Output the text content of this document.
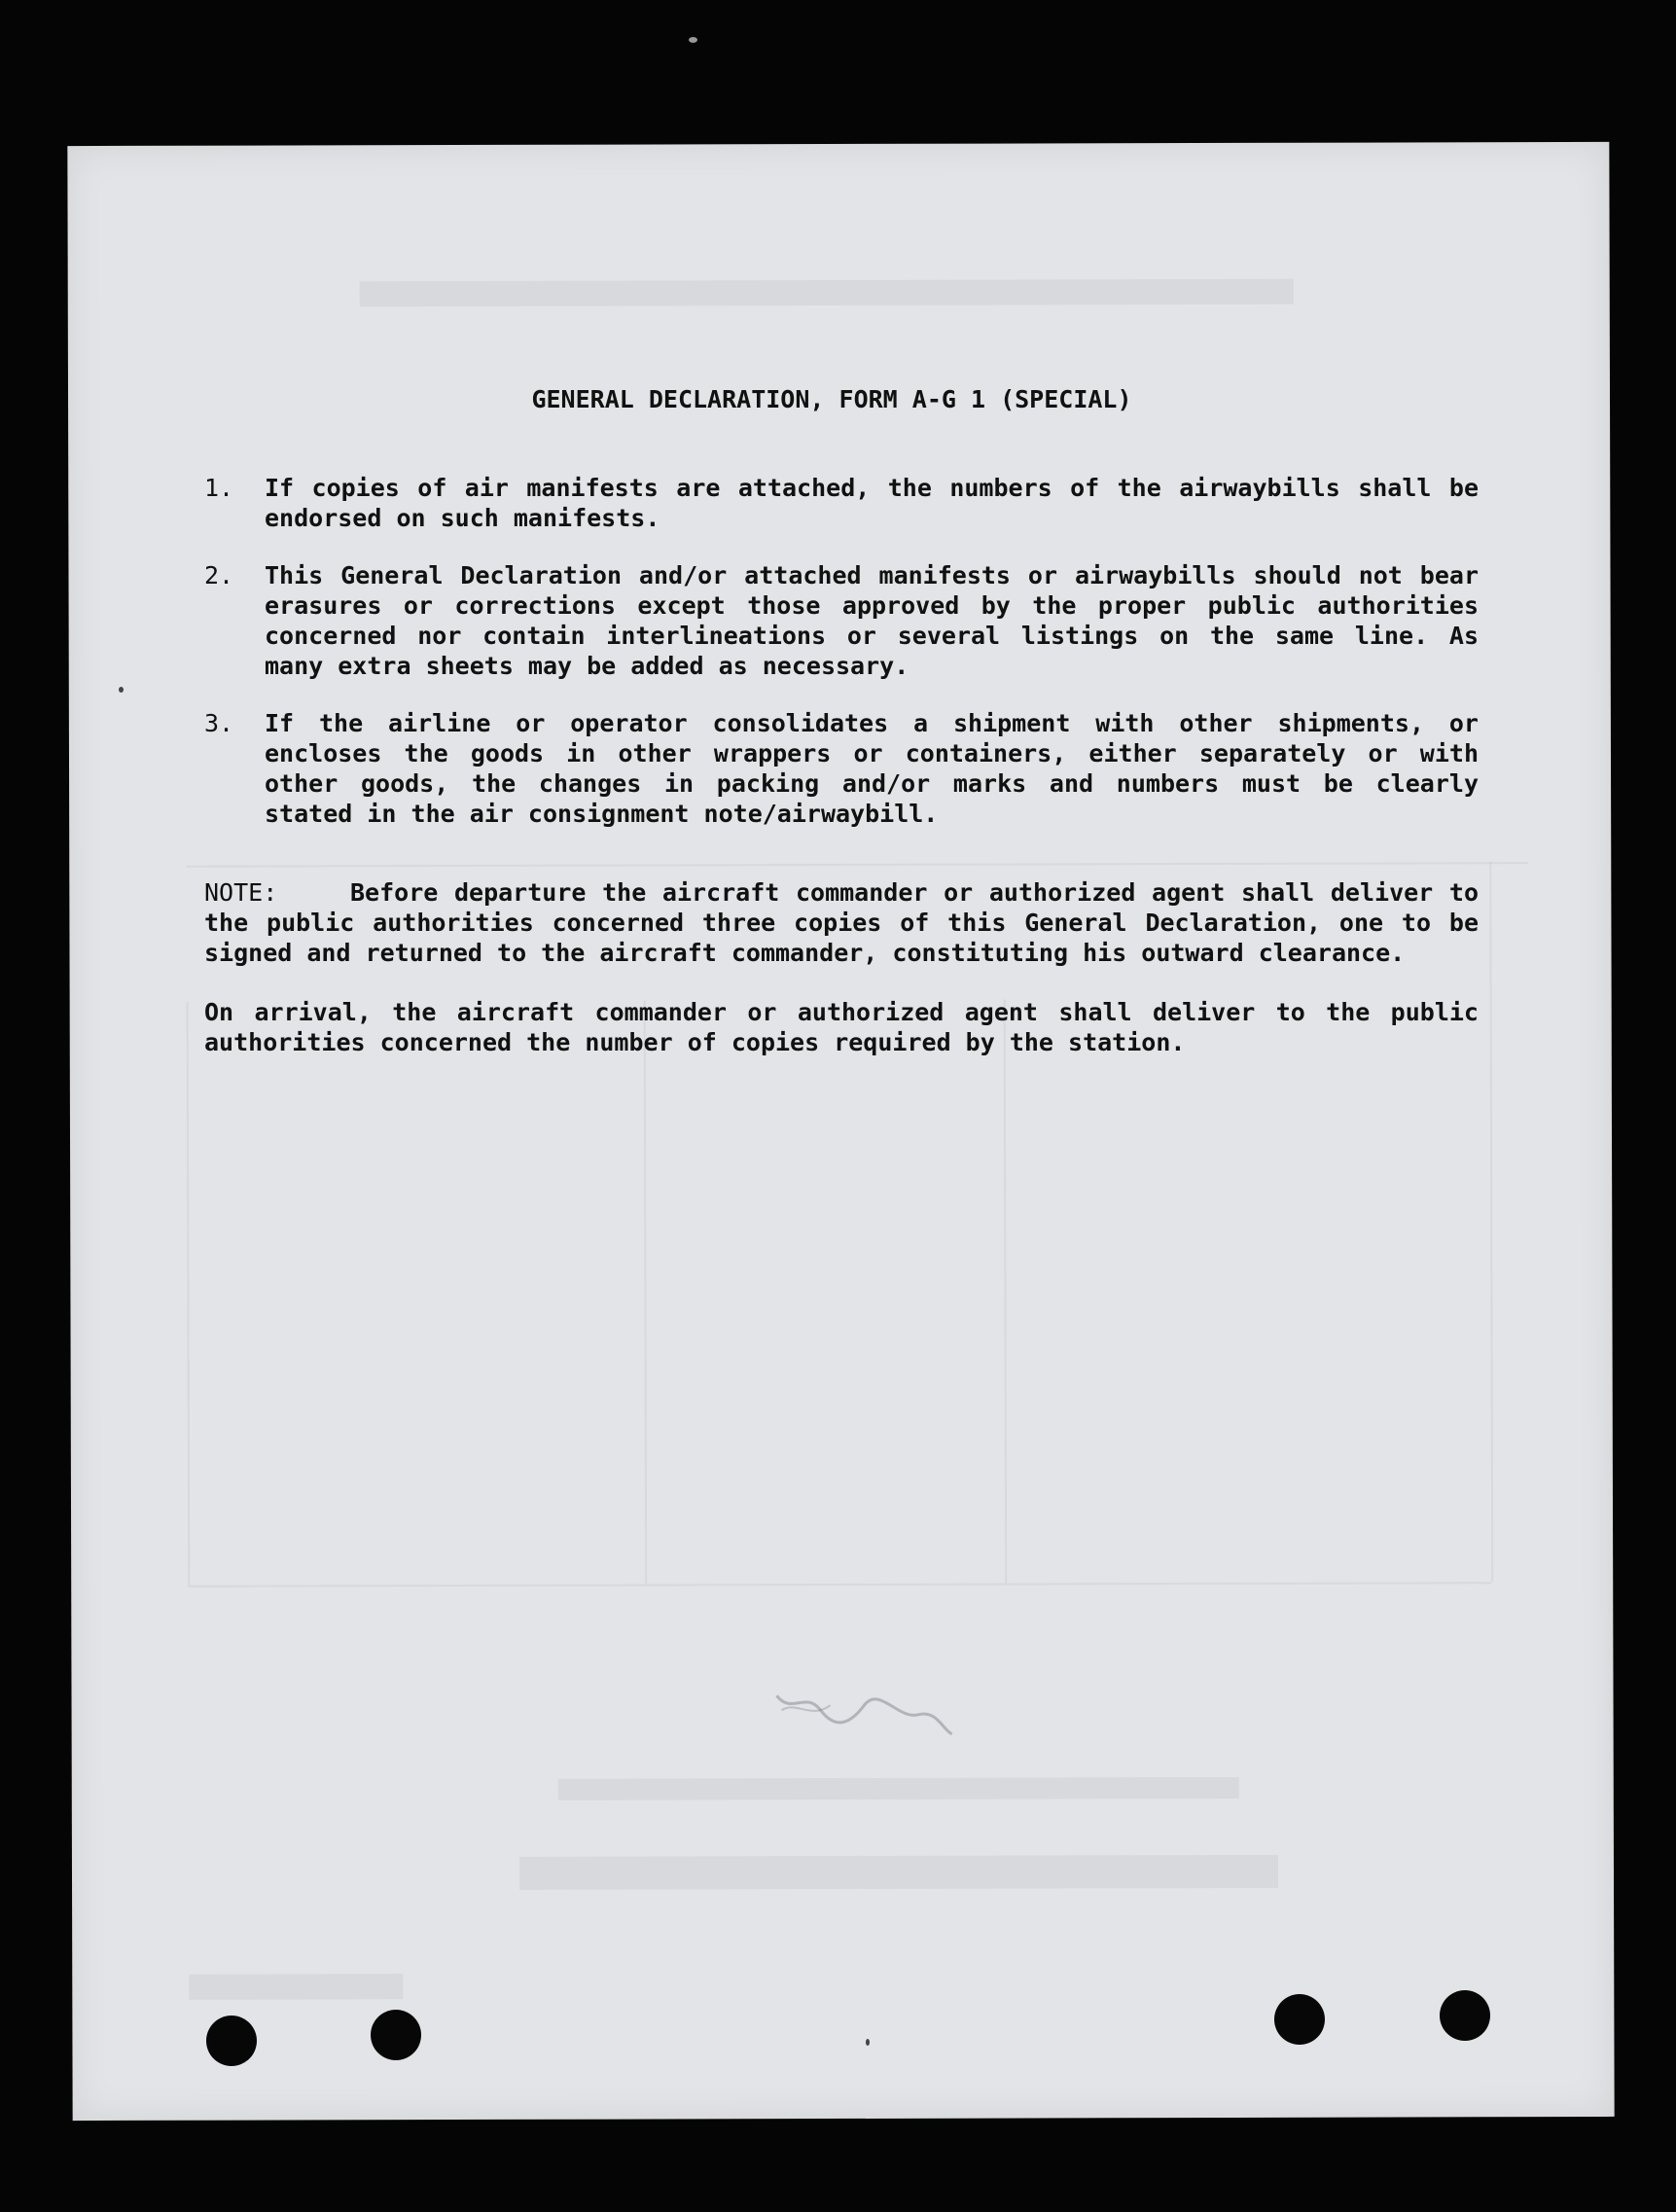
GENERAL DECLARATION, FORM A-G 1 (SPECIAL)
1.	If copies of air manifests are attached, the numbers of the airwaybills shall be endorsed on such manifests.
2.	This General Declaration and/or attached manifests or airwaybills should not bear erasures or corrections except those approved by the proper public authorities concerned nor contain interlineations or several listings on the same line. As many extra sheets may be added as necessary.
3.	If the airline or operator consolidates a shipment with other shipments, or encloses the goods in other wrappers or containers, either separately or with other goods, the changes in packing and/or marks and numbers must be clearly stated in the air consignment note/airwaybill.
NOTE:	Before departure the aircraft commander or authorized agent shall deliver to the public authorities concerned three copies of this General Declaration, one to be signed and returned to the aircraft commander, constituting his outward clearance.
On arrival, the aircraft commander or authorized agent shall deliver to the public authorities concerned the number of copies required by the station.
